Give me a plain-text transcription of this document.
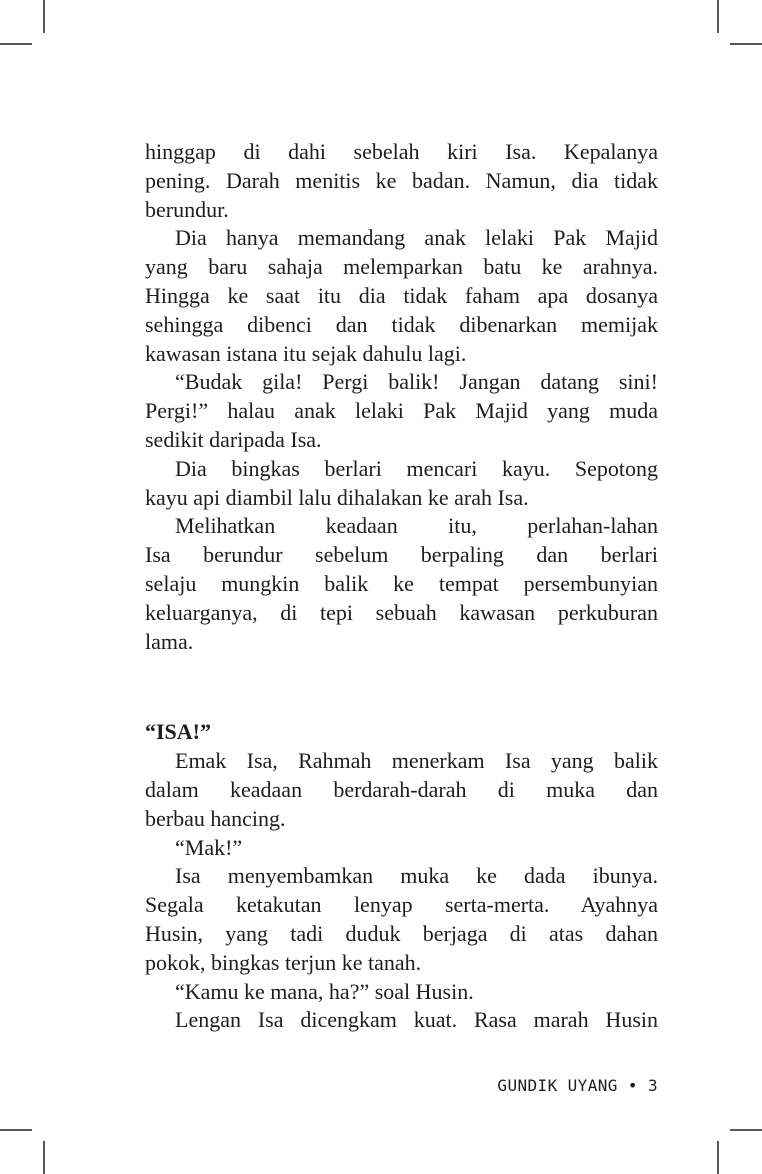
hinggap di dahi sebelah kiri Isa. Kepalanya
pening. Darah menitis ke badan. Namun, dia tidak
berundur.
Dia hanya memandang anak lelaki Pak Majid
yang baru sahaja melemparkan batu ke arahnya.
Hingga ke saat itu dia tidak faham apa dosanya
sehingga dibenci dan tidak dibenarkan memijak
kawasan istana itu sejak dahulu lagi.
“Budak gila! Pergi balik! Jangan datang sini!
Pergi!” halau anak lelaki Pak Majid yang muda
sedikit daripada Isa.
Dia bingkas berlari mencari kayu. Sepotong
kayu api diambil lalu dihalakan ke arah Isa.
Melihatkan keadaan itu, perlahan-lahan
Isa berundur sebelum berpaling dan berlari
selaju mungkin balik ke tempat persembunyian
keluarganya, di tepi sebuah kawasan perkuburan
lama.
“ISA!”
Emak Isa, Rahmah menerkam Isa yang balik
dalam keadaan berdarah-darah di muka dan
berbau hancing.
“Mak!”
Isa menyembamkan muka ke dada ibunya.
Segala ketakutan lenyap serta-merta. Ayahnya
Husin, yang tadi duduk berjaga di atas dahan
pokok, bingkas terjun ke tanah.
“Kamu ke mana, ha?” soal Husin.
Lengan Isa dicengkam kuat. Rasa marah Husin
GUNDIK UYANG • 3
